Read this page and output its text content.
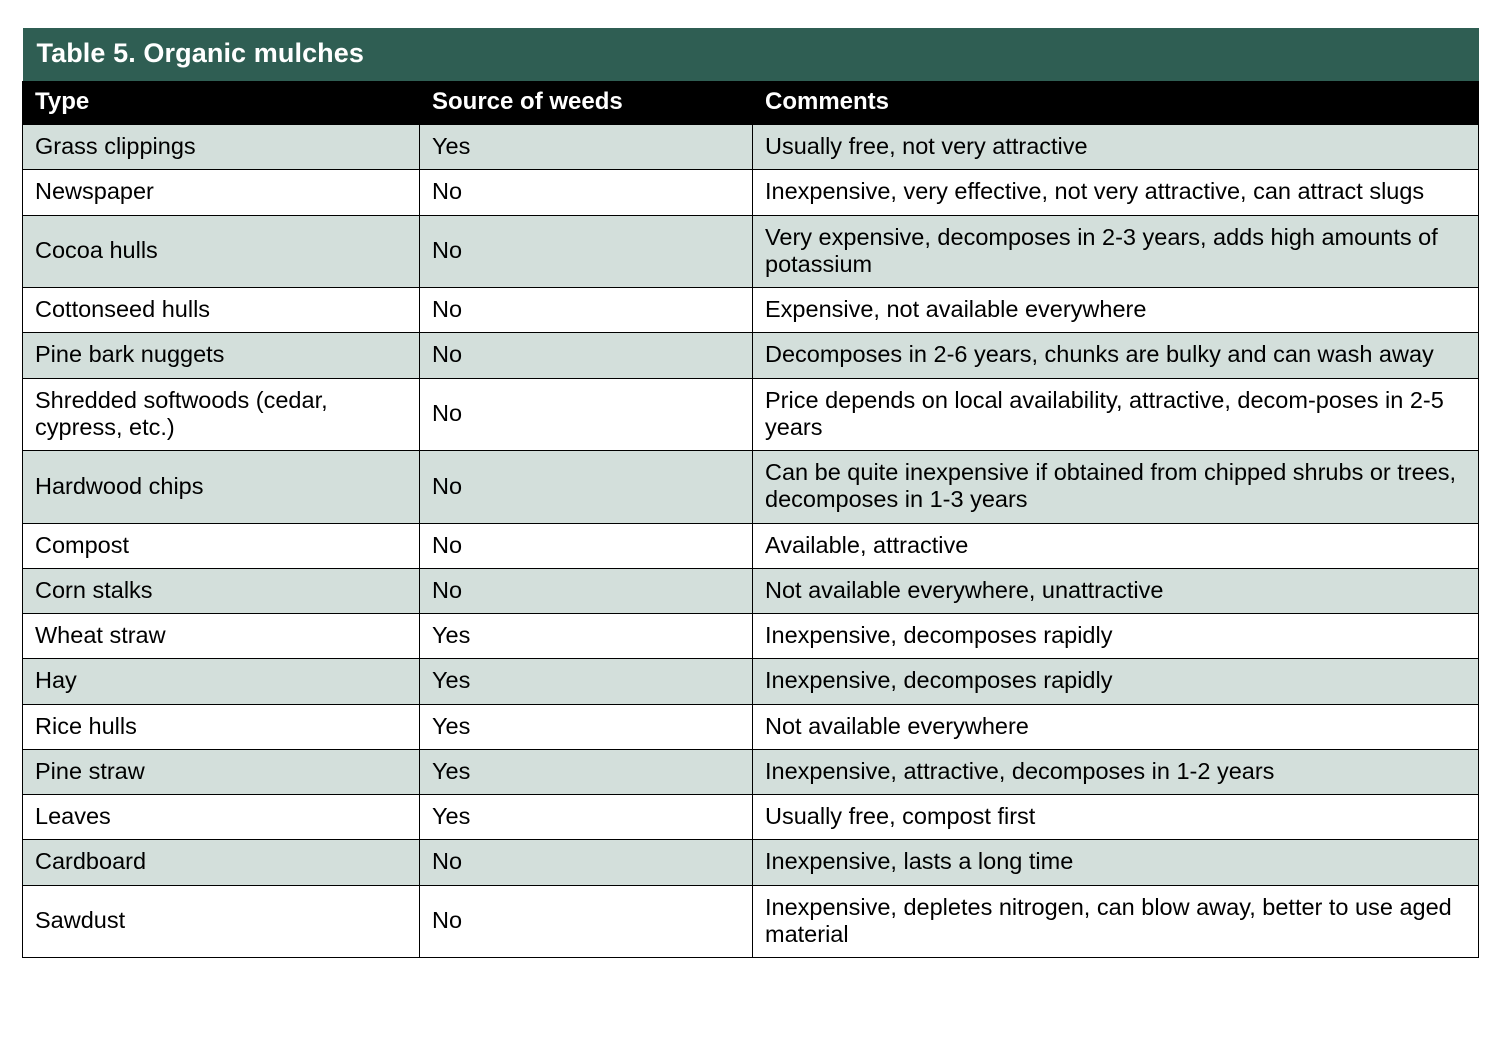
Table 5. Organic mulches		
Type	Source of weeds	Comments
Grass clippings	Yes	Usually free, not very attractive
Newspaper	No	Inexpensive, very effective, not very attractive, can attract slugs
Cocoa hulls	No	Very expensive, decomposes in 2-3 years, adds high amounts of potassium
Cottonseed hulls	No	Expensive, not available everywhere
Pine bark nuggets	No	Decomposes in 2-6 years, chunks are bulky and can wash away
Shredded softwoods (cedar, cypress, etc.)	No	Price depends on local availability, attractive, decom-poses in 2-5 years
Hardwood chips	No	Can be quite inexpensive if obtained from chipped shrubs or trees, decomposes in 1-3 years
Compost	No	Available, attractive
Corn stalks	No	Not available everywhere, unattractive
Wheat straw	Yes	Inexpensive, decomposes rapidly
Hay	Yes	Inexpensive, decomposes rapidly
Rice hulls	Yes	Not available everywhere
Pine straw	Yes	Inexpensive, attractive, decomposes in 1-2 years
Leaves	Yes	Usually free, compost first
Cardboard	No	Inexpensive, lasts a long time
Sawdust	No	Inexpensive, depletes nitrogen, can blow away, better to use aged material
